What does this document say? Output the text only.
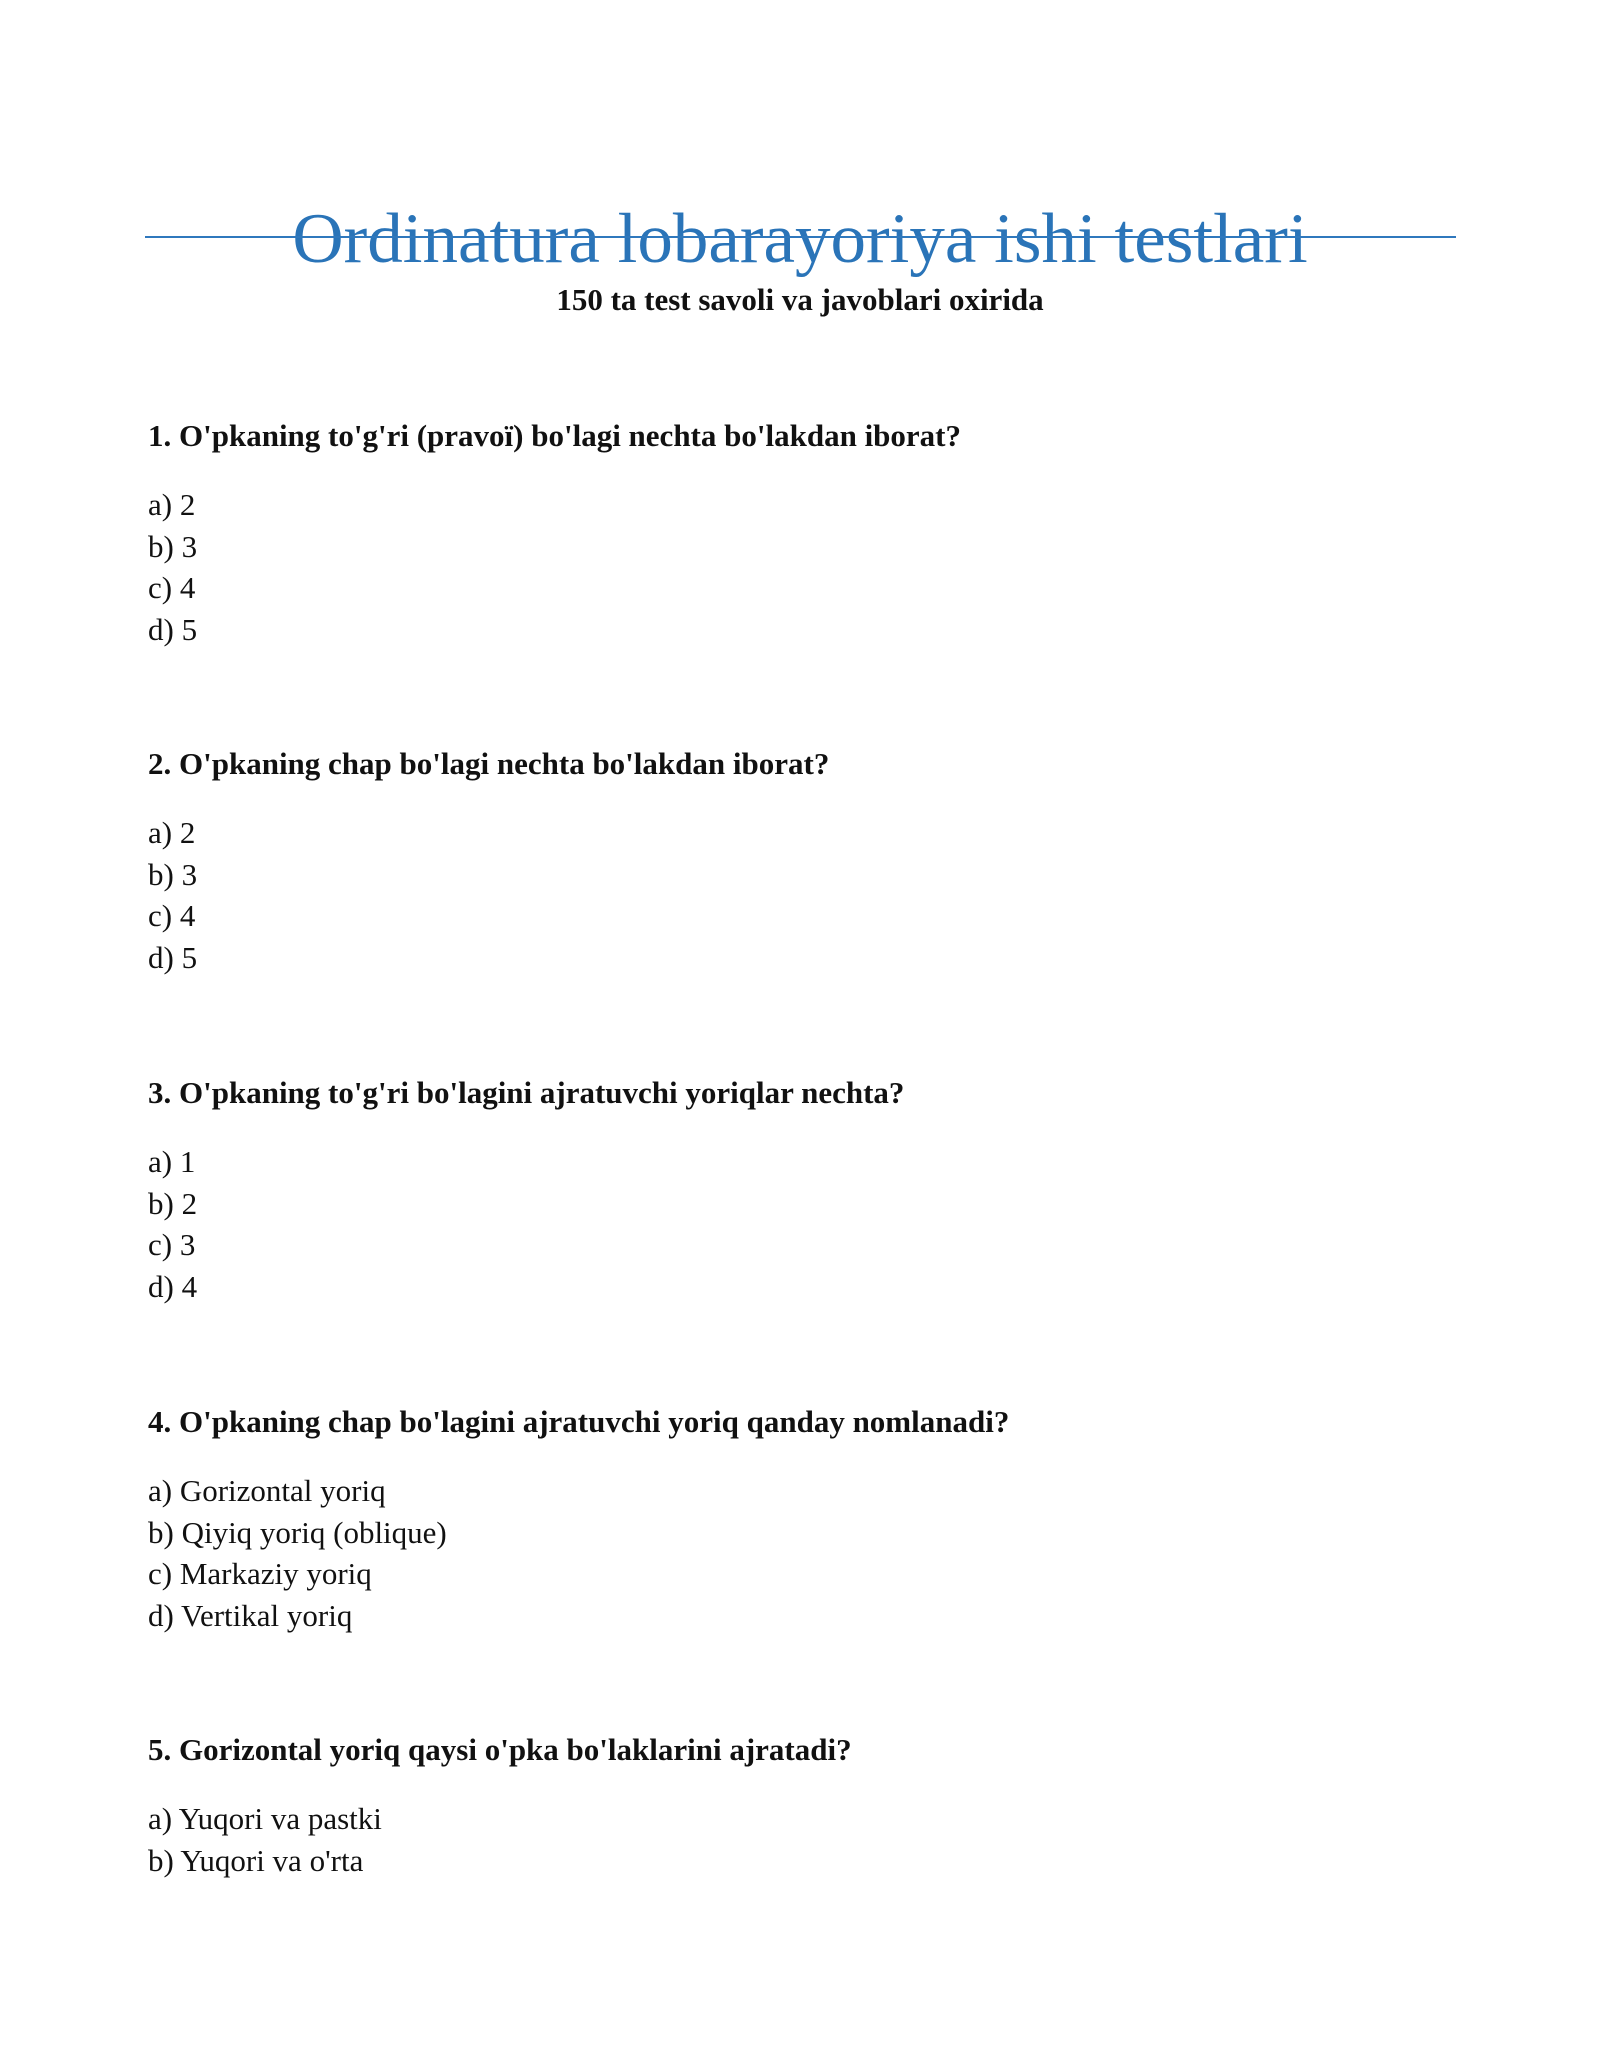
Ordinatura lobarayoriya ishi testlari
150 ta test savoli va javoblari oxirida

1. O'pkaning to'g'ri (pravoï) bo'lagi nechta bo'lakdan iborat?

a) 2
b) 3
c) 4
d) 5

2. O'pkaning chap bo'lagi nechta bo'lakdan iborat?

a) 2
b) 3
c) 4
d) 5

3. O'pkaning to'g'ri bo'lagini ajratuvchi yoriqlar nechta?

a) 1
b) 2
c) 3
d) 4

4. O'pkaning chap bo'lagini ajratuvchi yoriq qanday nomlanadi?

a) Gorizontal yoriq
b) Qiyiq yoriq (oblique)
c) Markaziy yoriq
d) Vertikal yoriq

5. Gorizontal yoriq qaysi o'pka bo'laklarini ajratadi?

a) Yuqori va pastki
b) Yuqori va o'rta
